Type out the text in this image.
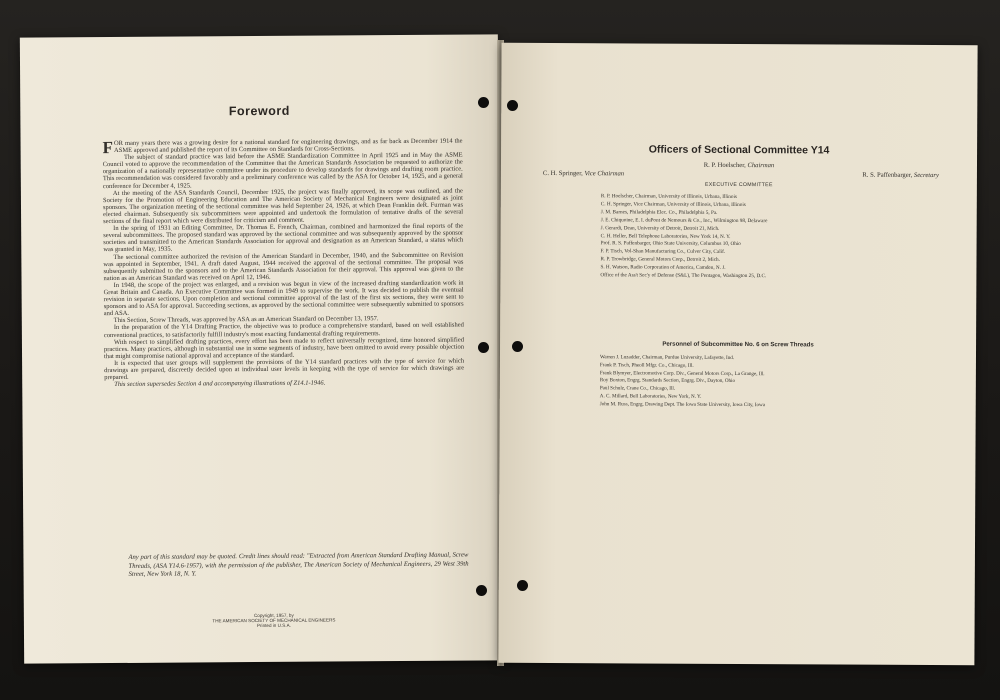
Foreword

FOR many years there was a growing desire for a national standard for engineering drawings, and as far back as December 1914 the ASME approved and published the report of its Committee on Standards for Cross-Sections.

The subject of standard practice was laid before the ASME Standardization Committee in April 1925 and in May the ASME Council voted to approve the recommendation of the Committee that the American Standards Association be requested to authorize the organization of a nationally representative committee under its procedure to develop standards for drawings and drafting room practice. This recommendation was considered favorably and a preliminary conference was called by the ASA for October 14, 1925, and a general conference for December 4, 1925.

At the meeting of the ASA Standards Council, December 1925, the project was finally approved, its scope was outlined, and the Society for the Promotion of Engineering Education and The American Society of Mechanical Engineers were designated as joint sponsors. The organization meeting of the sectional committee was held September 24, 1926, at which Dean Franklin deR. Furman was elected chairman. Subsequently six subcommittees were appointed and undertook the formulation of tentative drafts of the several sections of the final report which were distributed for criticism and comment.

In the spring of 1931 an Editing Committee, Dr. Thomas E. French, Chairman, combined and harmonized the final reports of the several subcommittees. The proposed standard was approved by the sectional committee and was subsequently approved by the sponsor societies and transmitted to the American Standards Association for approval and designation as an American Standard, a status which was granted in May, 1935.

The sectional committee authorized the revision of the American Standard in December, 1940, and the Subcommittee on Revision was appointed in September, 1941. A draft dated August, 1944 received the approval of the sectional committee. The proposal was subsequently submitted to the sponsors and to the American Standards Association for their approval. This approval was given to the nation as an American Standard was received on April 12, 1946.

In 1948, the scope of the project was enlarged, and a revision was begun in view of the increased drafting standardization work in Great Britain and Canada. An Executive Committee was formed in 1949 to supervise the work. It was decided to publish the eventual revision in separate sections. Upon completion and sectional committee approval of the last of the first six sections, they were sent to sponsors and to ASA for approval. Succeeding sections, as approved by the sectional committee were subsequently submitted to sponsors and ASA.

This Section, Screw Threads, was approved by ASA as an American Standard on December 13, 1957.

In the preparation of the Y14 Drafting Practice, the objective was to produce a comprehensive standard, based on well established conventional practices, to satisfactorily fulfill industry's most exacting fundamental drafting requirements.

With respect to simplified drafting practices, every effort has been made to reflect universally recognized, time honored simplified practices. Many practices, although in substantial use in some segments of industry, have been omitted to avoid every possible objection that might compromise national approval and acceptance of the standard.

It is expected that user groups will supplement the provisions of the Y14 standard practices with the type of service for which drawings are prepared, discreetly decided upon at individual user levels in keeping with the type of service for which drawings are prepared.

This section supersedes Section 4 and accompanying illustrations of Z14.1-1946.

Any part of this standard may be quoted. Credit lines should read: "Extracted from American Standard Drafting Manual, Screw Threads, (ASA Y14.6-1957), with the permission of the publisher, The American Society of Mechanical Engineers, 29 West 39th Street, New York 18, N. Y.
Copyright, 1957, by
THE AMERICAN SOCIETY OF MECHANICAL ENGINEERS
Printed in U.S.A.
Officers of Sectional Committee Y14
R. P. Hoelscher, Chairman
C. H. Springer, Vice Chairman	R. S. Paffenbarger, Secretary
EXECUTIVE COMMITTEE
R. P. Hoelscher, Chairman, University of Illinois, Urbana, Illinois
C. H. Springer, Vice Chairman, University of Illinois, Urbana, Illinois
J. M. Barnes, Philadelphia Elec. Co., Philadelphia 5, Pa.
J. E. Chiquoine, E. I. duPont de Nemours & Co., Inc., Wilmington 98, Delaware
J. Gerardi, Dean, University of Detroit, Detroit 21, Mich.
C. H. Heller, Bell Telephone Laboratories, New York 14, N. Y.
Prof. R. S. Paffenbarger, Ohio State University, Columbus 10, Ohio
F. P. Tisch, Vol-Shan Manufacturing Co., Culver City, Calif.
R. P. Trowbridge, General Motors Corp., Detroit 2, Mich.
S. H. Watson, Radio Corporation of America, Camden, N. J.
Office of the Ass't Sec'y of Defense (S&L), The Pentagon, Washington 25, D.C.
Personnel of Subcommittee No. 6 on Screw Threads
Warren J. Luzadder, Chairman, Purdue University, Lafayette, Ind.
Frank P. Tisch, Pheoll Mfgr. Co., Chicago, Ill.
Frank Blymyer, Electromotive Corp. Div., General Motors Corp., La Grange, Ill.
Roy Boxton, Engrg. Standards Section, Engrg. Div., Dayton, Ohio
Paul Schulz, Crane Co., Chicago, Ill.
A. C. Millard, Bell Laboratories, New York, N. Y.
John M. Russ, Engrg. Drawing Dept. The Iowa State University, Iowa City, Iowa
